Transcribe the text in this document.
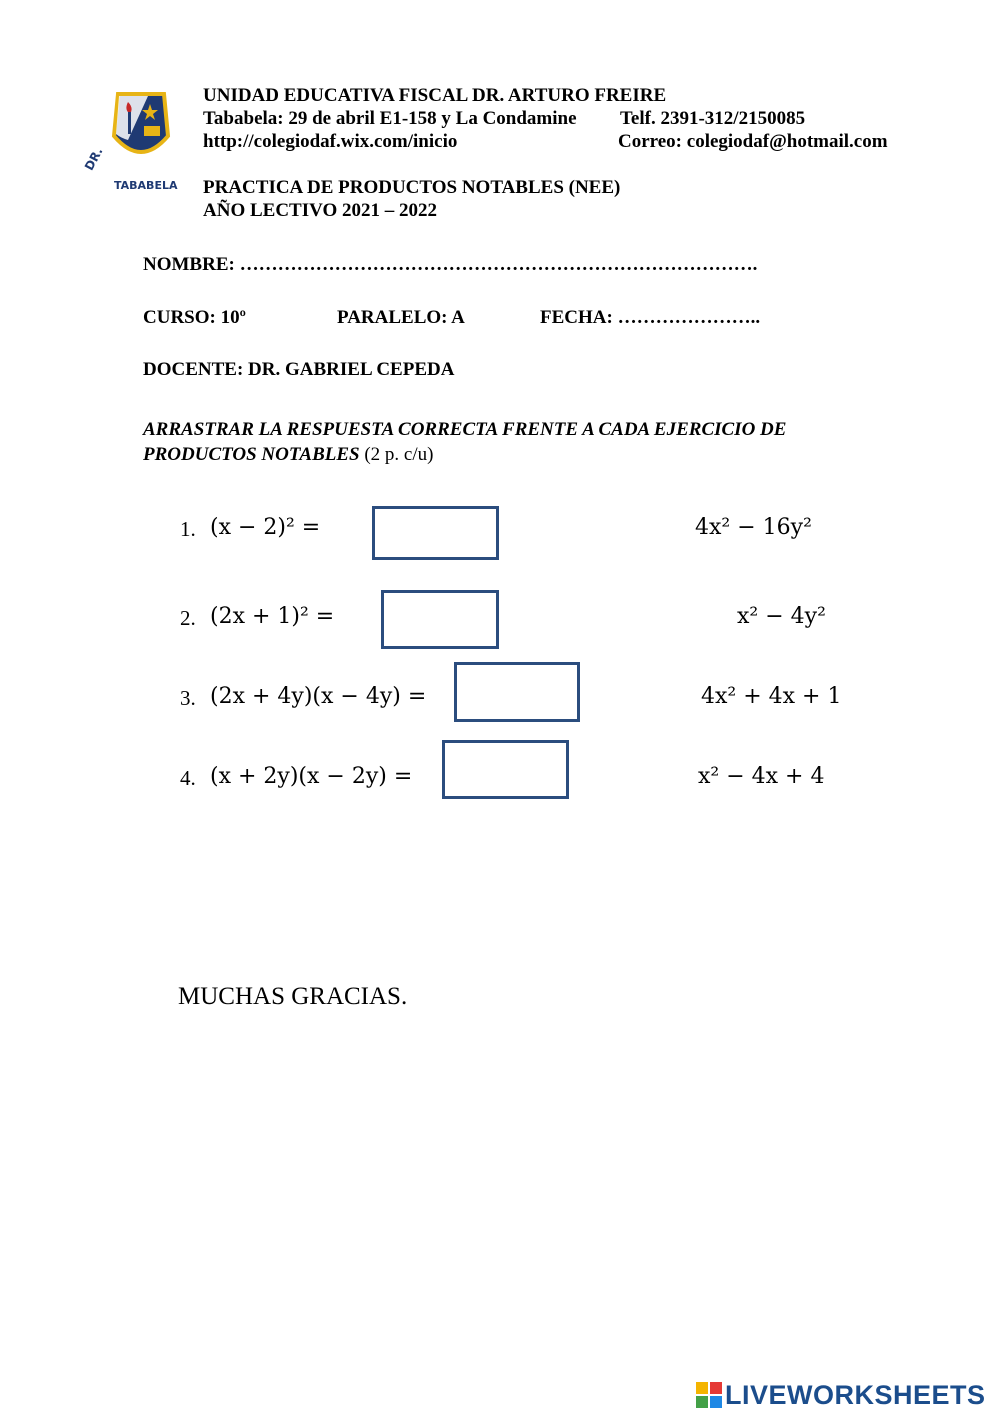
DR.
TABABELA
UNIDAD EDUCATIVA FISCAL DR. ARTURO FREIRE
Tababela: 29 de abril E1-158 y La Condamine Telf. 2391-312/2150085
http://colegiodaf.wix.com/inicio	Correo: colegiodaf@hotmail.com
PRACTICA DE PRODUCTOS NOTABLES (NEE)
AÑO LECTIVO 2021 – 2022
NOMBRE: ……………………………………………………………………….
CURSO: 10º	PARALELO: A	FECHA: …………………..
DOCENTE: DR. GABRIEL CEPEDA
ARRASTRAR LA RESPUESTA CORRECTA FRENTE A CADA EJERCICIO DE
PRODUCTOS NOTABLES (2 p. c/u)
1. (x − 2)² =
2. (2x + 1)² =
3. (2x + 4y)(x − 4y) =
4. (x + 2y)(x − 2y) =
4x² − 16y²
x² − 4y²
4x² + 4x + 1
x² − 4x + 4
MUCHAS GRACIAS.
LIVEWORKSHEETS
